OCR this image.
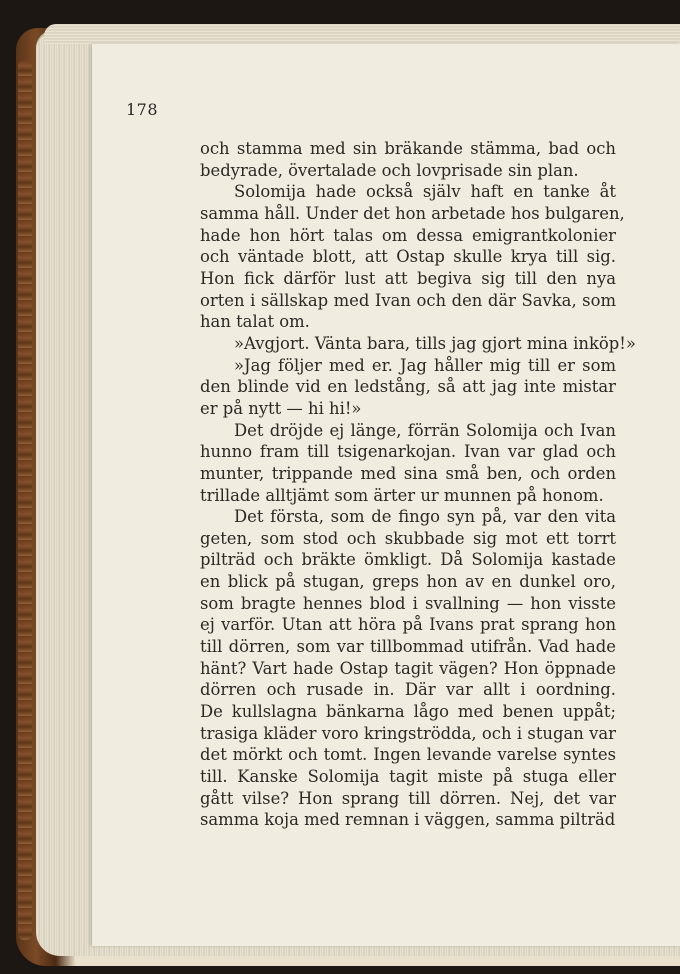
178
och stamma med sin bräkande stämma, bad och
bedyrade, övertalade och lovprisade sin plan.
Solomija hade också själv haft en tanke åt
samma håll. Under det hon arbetade hos bulgaren,
hade hon hört talas om dessa emigrantkolonier
och väntade blott, att Ostap skulle krya till sig.
Hon fick därför lust att begiva sig till den nya
orten i sällskap med Ivan och den där Savka, som
han talat om.
»Avgjort. Vänta bara, tills jag gjort mina inköp!»
»Jag följer med er. Jag håller mig till er som
den blinde vid en ledstång, så att jag inte mistar
er på nytt — hi hi!»
Det dröjde ej länge, förrän Solomija och Ivan
hunno fram till tsigenarkojan. Ivan var glad och
munter, trippande med sina små ben, och orden
trillade alltjämt som ärter ur munnen på honom.
Det första, som de fingo syn på, var den vita
geten, som stod och skubbade sig mot ett torrt
pilträd och bräkte ömkligt. Då Solomija kastade
en blick på stugan, greps hon av en dunkel oro,
som bragte hennes blod i svallning — hon visste
ej varför. Utan att höra på Ivans prat sprang hon
till dörren, som var tillbommad utifrån. Vad hade
hänt? Vart hade Ostap tagit vägen? Hon öppnade
dörren och rusade in. Där var allt i oordning.
De kullslagna bänkarna lågo med benen uppåt;
trasiga kläder voro kringströdda, och i stugan var
det mörkt och tomt. Ingen levande varelse syntes
till. Kanske Solomija tagit miste på stuga eller
gått vilse? Hon sprang till dörren. Nej, det var
samma koja med remnan i väggen, samma pilträd
